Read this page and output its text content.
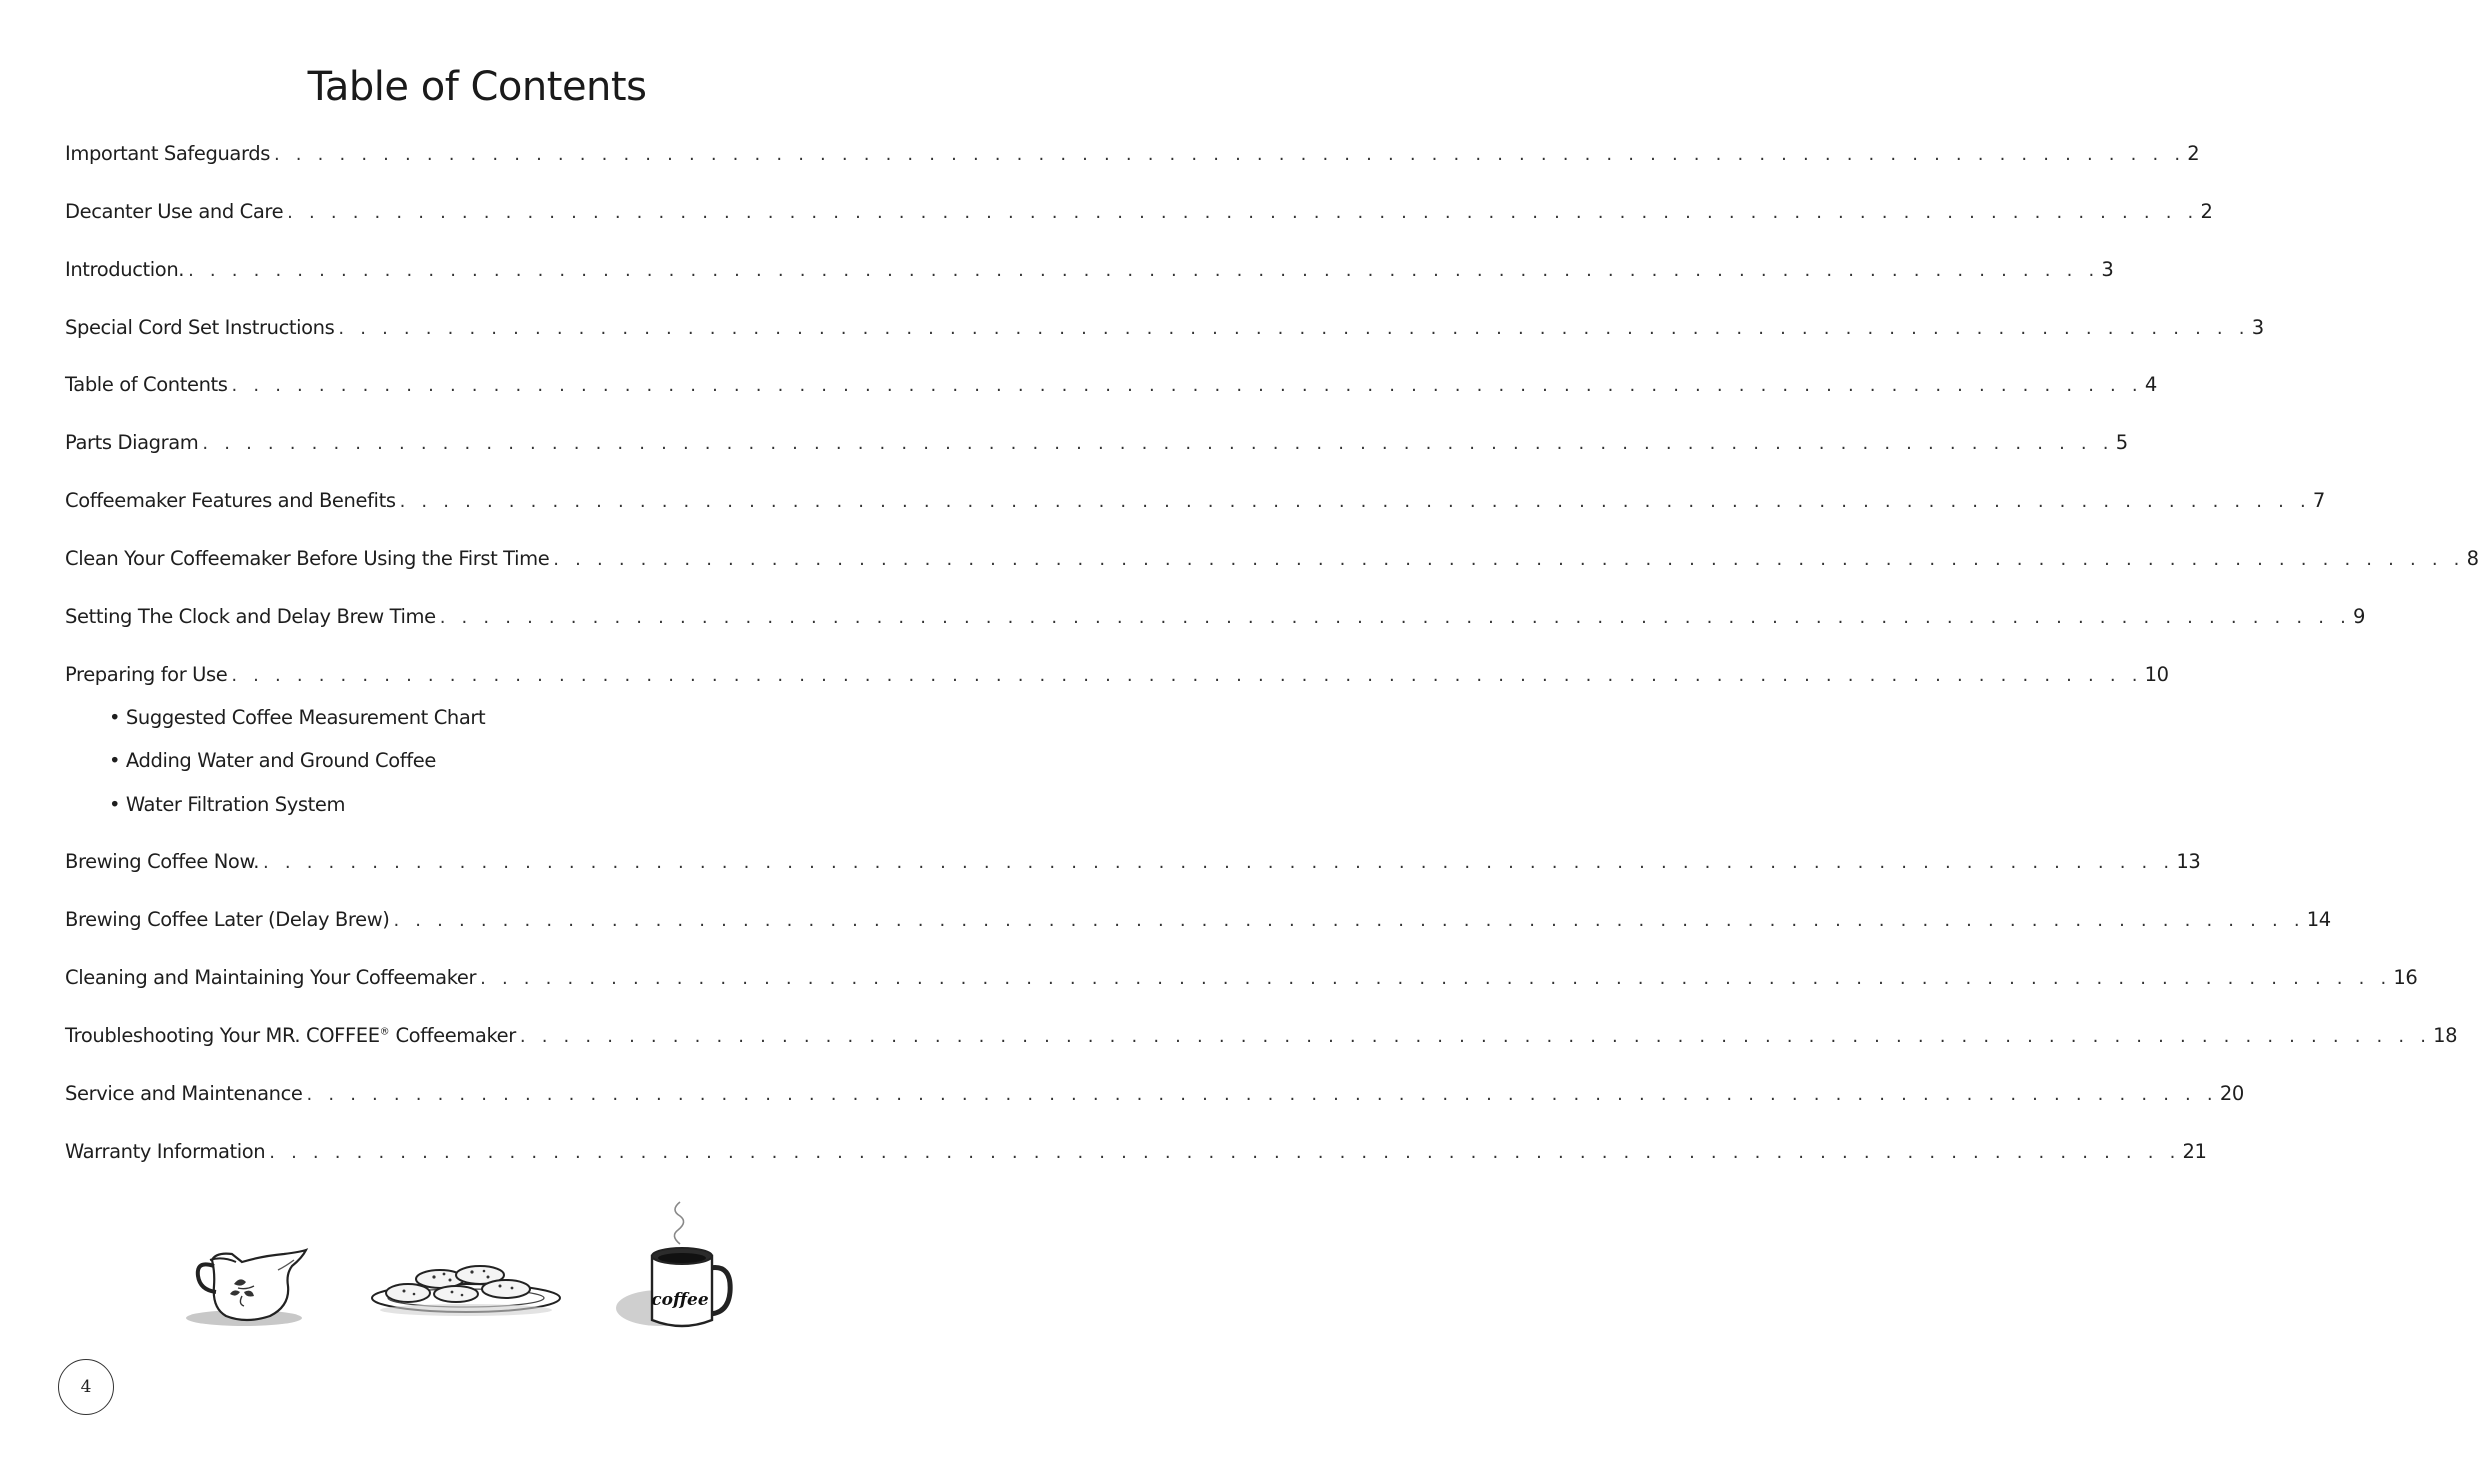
Table of Contents
Important Safeguards . . . . . . . . . . . . . . . . . . . . . . . . . . . . . . . . . . . . . . . . . . . . . . . . . . . . . . . . . . . . . . . . . . . . . . . . . . . . . . . . . . . . . . . . 2
Decanter Use and Care . . . . . . . . . . . . . . . . . . . . . . . . . . . . . . . . . . . . . . . . . . . . . . . . . . . . . . . . . . . . . . . . . . . . . . . . . . . . . . . . . . . . . . . . 2
Introduction. . . . . . . . . . . . . . . . . . . . . . . . . . . . . . . . . . . . . . . . . . . . . . . . . . . . . . . . . . . . . . . . . . . . . . . . . . . . . . . . . . . . . . . . . 3
Special Cord Set Instructions . . . . . . . . . . . . . . . . . . . . . . . . . . . . . . . . . . . . . . . . . . . . . . . . . . . . . . . . . . . . . . . . . . . . . . . . . . . . . . . . . . . . . . . . 3
Table of Contents . . . . . . . . . . . . . . . . . . . . . . . . . . . . . . . . . . . . . . . . . . . . . . . . . . . . . . . . . . . . . . . . . . . . . . . . . . . . . . . . . . . . . . . . 4
Parts Diagram . . . . . . . . . . . . . . . . . . . . . . . . . . . . . . . . . . . . . . . . . . . . . . . . . . . . . . . . . . . . . . . . . . . . . . . . . . . . . . . . . . . . . . . . 5
Coffeemaker Features and Benefits . . . . . . . . . . . . . . . . . . . . . . . . . . . . . . . . . . . . . . . . . . . . . . . . . . . . . . . . . . . . . . . . . . . . . . . . . . . . . . . . . . . . . . . . 7
Clean Your Coffeemaker Before Using the First Time . . . . . . . . . . . . . . . . . . . . . . . . . . . . . . . . . . . . . . . . . . . . . . . . . . . . . . . . . . . . . . . . . . . . . . . . . . . . . . . . . . . . . . . . 8
Setting The Clock and Delay Brew Time . . . . . . . . . . . . . . . . . . . . . . . . . . . . . . . . . . . . . . . . . . . . . . . . . . . . . . . . . . . . . . . . . . . . . . . . . . . . . . . . . . . . . . . . 9
Preparing for Use . . . . . . . . . . . . . . . . . . . . . . . . . . . . . . . . . . . . . . . . . . . . . . . . . . . . . . . . . . . . . . . . . . . . . . . . . . . . . . . . . . . . . . . . 10
• Suggested Coffee Measurement Chart
• Adding Water and Ground Coffee
• Water Filtration System
Brewing Coffee Now. . . . . . . . . . . . . . . . . . . . . . . . . . . . . . . . . . . . . . . . . . . . . . . . . . . . . . . . . . . . . . . . . . . . . . . . . . . . . . . . . . . . . . . . . 13
Brewing Coffee Later (Delay Brew) . . . . . . . . . . . . . . . . . . . . . . . . . . . . . . . . . . . . . . . . . . . . . . . . . . . . . . . . . . . . . . . . . . . . . . . . . . . . . . . . . . . . . . . . 14
Cleaning and Maintaining Your Coffeemaker . . . . . . . . . . . . . . . . . . . . . . . . . . . . . . . . . . . . . . . . . . . . . . . . . . . . . . . . . . . . . . . . . . . . . . . . . . . . . . . . . . . . . . . . 16
Troubleshooting Your MR. COFFEE® Coffeemaker . . . . . . . . . . . . . . . . . . . . . . . . . . . . . . . . . . . . . . . . . . . . . . . . . . . . . . . . . . . . . . . . . . . . . . . . . . . . . . . . . . . . . . . . 18
Service and Maintenance . . . . . . . . . . . . . . . . . . . . . . . . . . . . . . . . . . . . . . . . . . . . . . . . . . . . . . . . . . . . . . . . . . . . . . . . . . . . . . . . . . . . . . . . 20
Warranty Information . . . . . . . . . . . . . . . . . . . . . . . . . . . . . . . . . . . . . . . . . . . . . . . . . . . . . . . . . . . . . . . . . . . . . . . . . . . . . . . . . . . . . . . . 21
coffee
4
